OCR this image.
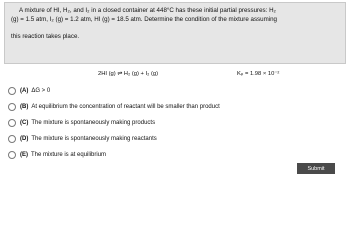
A mixture of HI, H₂, and I₂ in a closed container at 448°C has these initial partial pressures: H₂
(g) = 1.5 atm, I₂ (g) = 1.2 atm, HI (g) = 18.5 atm. Determine the condition of the mixture assuming
this reaction takes place.
2HI (g) ⇌ H₂ (g) + I₂ (g)	Kₚ = 1.98 × 10⁻²
(A) ΔG > 0
(B) At equilibrium the concentration of reactant will be smaller than product
(C) The mixture is spontaneously making products
(D) The mixture is spontaneously making reactants
(E) The mixture is at equilibrium
Submit
